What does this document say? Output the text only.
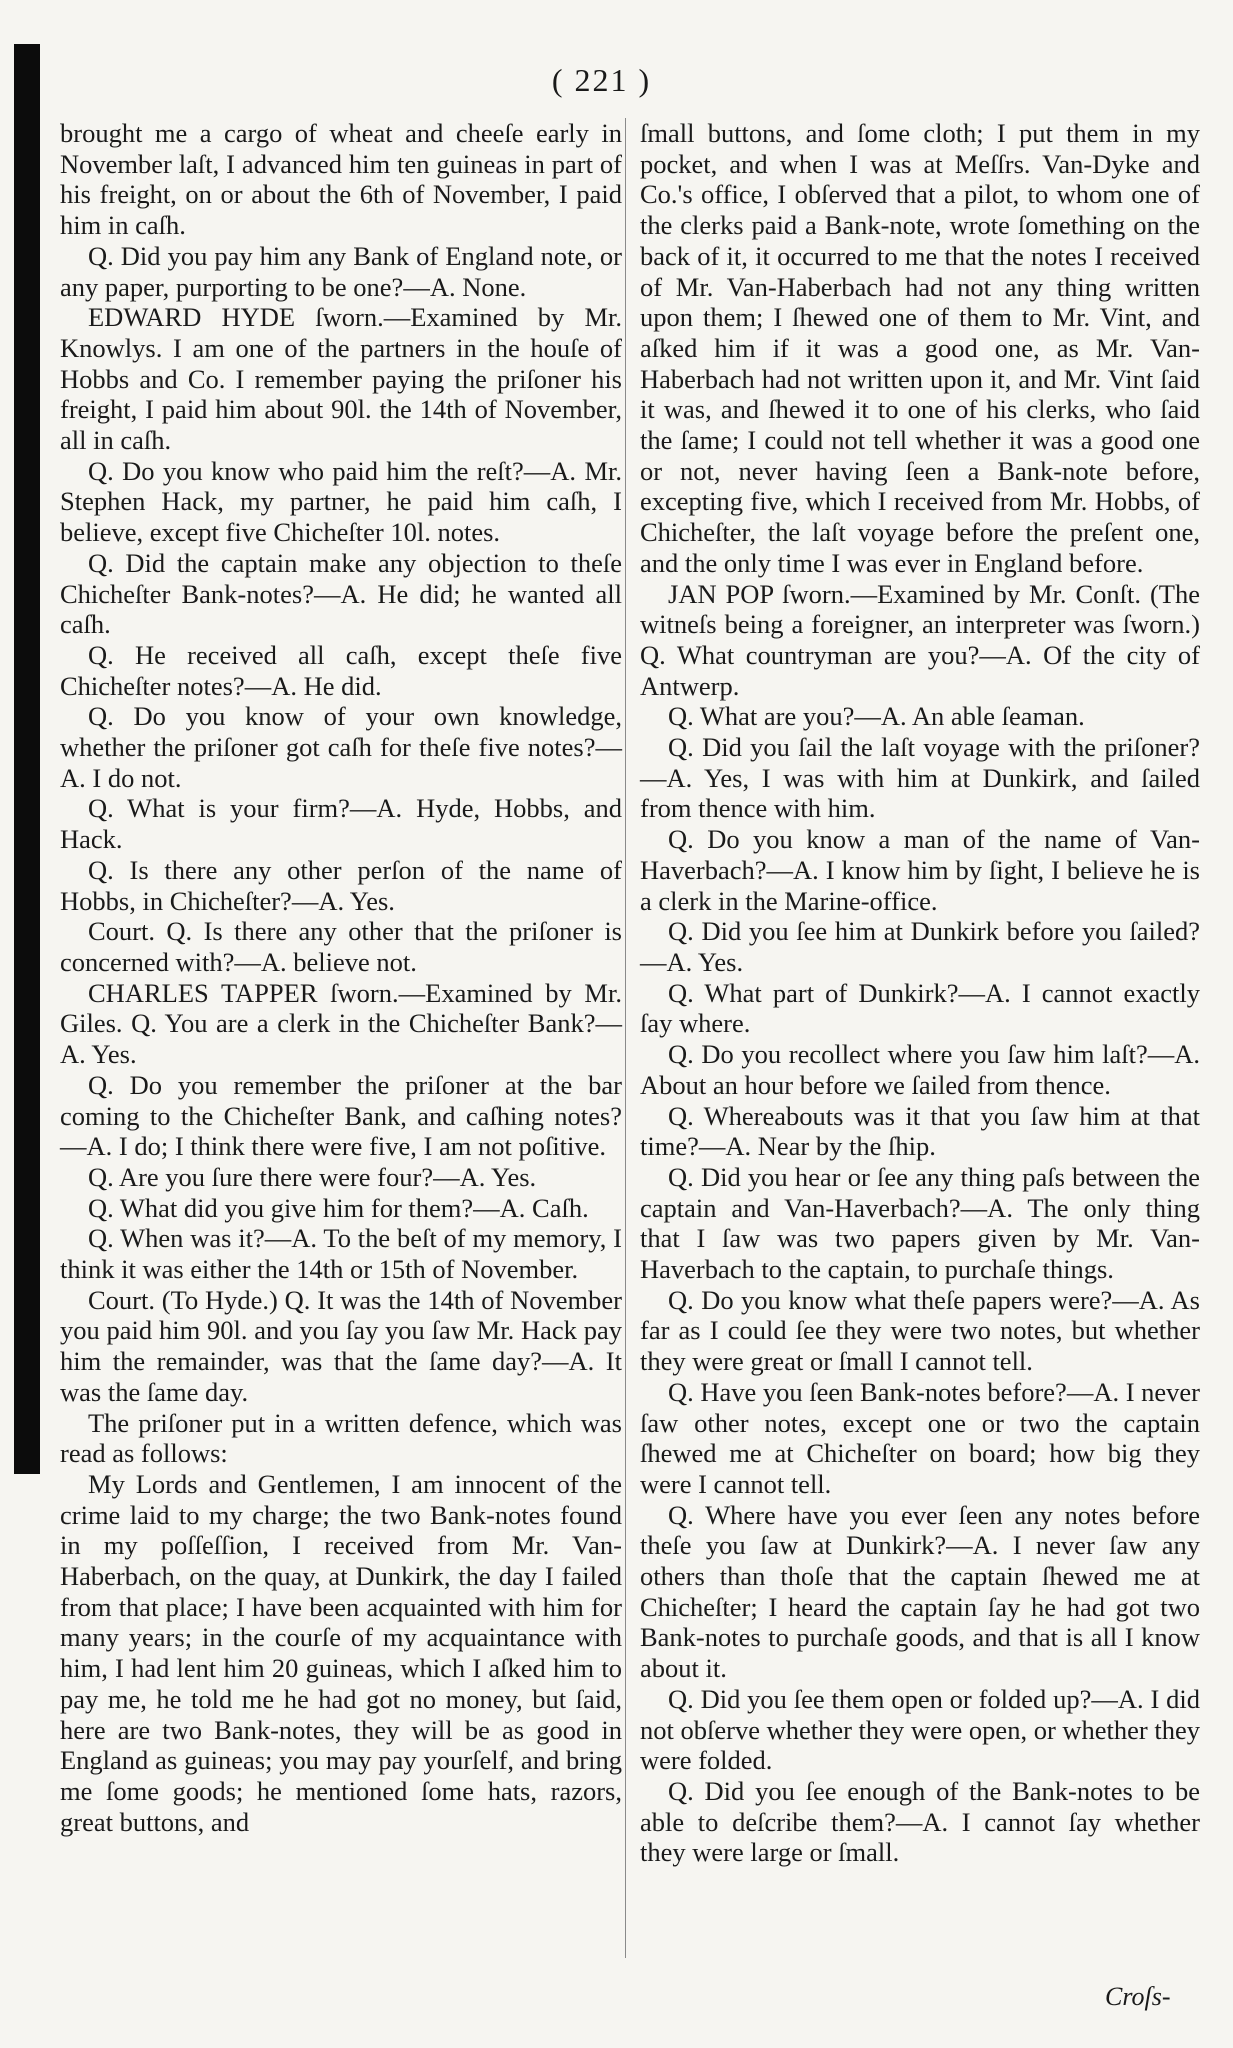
( 221 )

brought me a cargo of wheat and cheeſe early in November laſt, I advanced him ten guineas in part of his freight, on or about the 6th of November, I paid him in caſh.

Q. Did you pay him any Bank of England note, or any paper, purporting to be one?—A. None.

EDWARD HYDE ſworn.—Examined by Mr. Knowlys. I am one of the partners in the houſe of Hobbs and Co. I remember paying the priſoner his freight, I paid him about 90l. the 14th of November, all in caſh.

Q. Do you know who paid him the reſt?—A. Mr. Stephen Hack, my partner, he paid him caſh, I believe, except five Chicheſter 10l. notes.

Q. Did the captain make any objection to theſe Chicheſter Bank-notes?—A. He did; he wanted all caſh.

Q. He received all caſh, except theſe five Chicheſter notes?—A. He did.

Q. Do you know of your own knowledge, whether the priſoner got caſh for theſe five notes?—A. I do not.

Q. What is your firm?—A. Hyde, Hobbs, and Hack.

Q. Is there any other perſon of the name of Hobbs, in Chicheſter?—A. Yes.

Court. Q. Is there any other that the priſoner is concerned with?—A. believe not.

CHARLES TAPPER ſworn.—Examined by Mr. Giles. Q. You are a clerk in the Chicheſter Bank?—A. Yes.

Q. Do you remember the priſoner at the bar coming to the Chicheſter Bank, and caſhing notes?—A. I do; I think there were five, I am not poſitive.

Q. Are you ſure there were four?—A. Yes.

Q. What did you give him for them?—A. Caſh.

Q. When was it?—A. To the beſt of my memory, I think it was either the 14th or 15th of November.

Court. (To Hyde.) Q. It was the 14th of November you paid him 90l. and you ſay you ſaw Mr. Hack pay him the remainder, was that the ſame day?—A. It was the ſame day.

The priſoner put in a written defence, which was read as follows:

My Lords and Gentlemen, I am innocent of the crime laid to my charge; the two Bank-notes found in my poſſeſſion, I received from Mr. Van-Haberbach, on the quay, at Dunkirk, the day I failed from that place; I have been acquainted with him for many years; in the courſe of my acquaintance with him, I had lent him 20 guineas, which I aſked him to pay me, he told me he had got no money, but ſaid, here are two Bank-notes, they will be as good in England as guineas; you may pay yourſelf, and bring me ſome goods; he mentioned ſome hats, razors, great buttons, and

ſmall buttons, and ſome cloth; I put them in my pocket, and when I was at Meſſrs. Van-Dyke and Co.'s office, I obſerved that a pilot, to whom one of the clerks paid a Bank-note, wrote ſomething on the back of it, it occurred to me that the notes I received of Mr. Van-Haberbach had not any thing written upon them; I ſhewed one of them to Mr. Vint, and aſked him if it was a good one, as Mr. Van-Haberbach had not written upon it, and Mr. Vint ſaid it was, and ſhewed it to one of his clerks, who ſaid the ſame; I could not tell whether it was a good one or not, never having ſeen a Bank-note before, excepting five, which I received from Mr. Hobbs, of Chicheſter, the laſt voyage before the preſent one, and the only time I was ever in England before.

JAN POP ſworn.—Examined by Mr. Conſt. (The witneſs being a foreigner, an interpreter was ſworn.) Q. What countryman are you?—A. Of the city of Antwerp.

Q. What are you?—A. An able ſeaman.

Q. Did you ſail the laſt voyage with the priſoner?—A. Yes, I was with him at Dunkirk, and ſailed from thence with him.

Q. Do you know a man of the name of Van-Haverbach?—A. I know him by ſight, I believe he is a clerk in the Marine-office.

Q. Did you ſee him at Dunkirk before you ſailed?—A. Yes.

Q. What part of Dunkirk?—A. I cannot exactly ſay where.

Q. Do you recollect where you ſaw him laſt?—A. About an hour before we ſailed from thence.

Q. Whereabouts was it that you ſaw him at that time?—A. Near by the ſhip.

Q. Did you hear or ſee any thing paſs between the captain and Van-Haverbach?—A. The only thing that I ſaw was two papers given by Mr. Van-Haverbach to the captain, to purchaſe things.

Q. Do you know what theſe papers were?—A. As far as I could ſee they were two notes, but whether they were great or ſmall I cannot tell.

Q. Have you ſeen Bank-notes before?—A. I never ſaw other notes, except one or two the captain ſhewed me at Chicheſter on board; how big they were I cannot tell.

Q. Where have you ever ſeen any notes before theſe you ſaw at Dunkirk?—A. I never ſaw any others than thoſe that the captain ſhewed me at Chicheſter; I heard the captain ſay he had got two Bank-notes to purchaſe goods, and that is all I know about it.

Q. Did you ſee them open or folded up?—A. I did not obſerve whether they were open, or whether they were folded.

Q. Did you ſee enough of the Bank-notes to be able to deſcribe them?—A. I cannot ſay whether they were large or ſmall.

Croſs-
